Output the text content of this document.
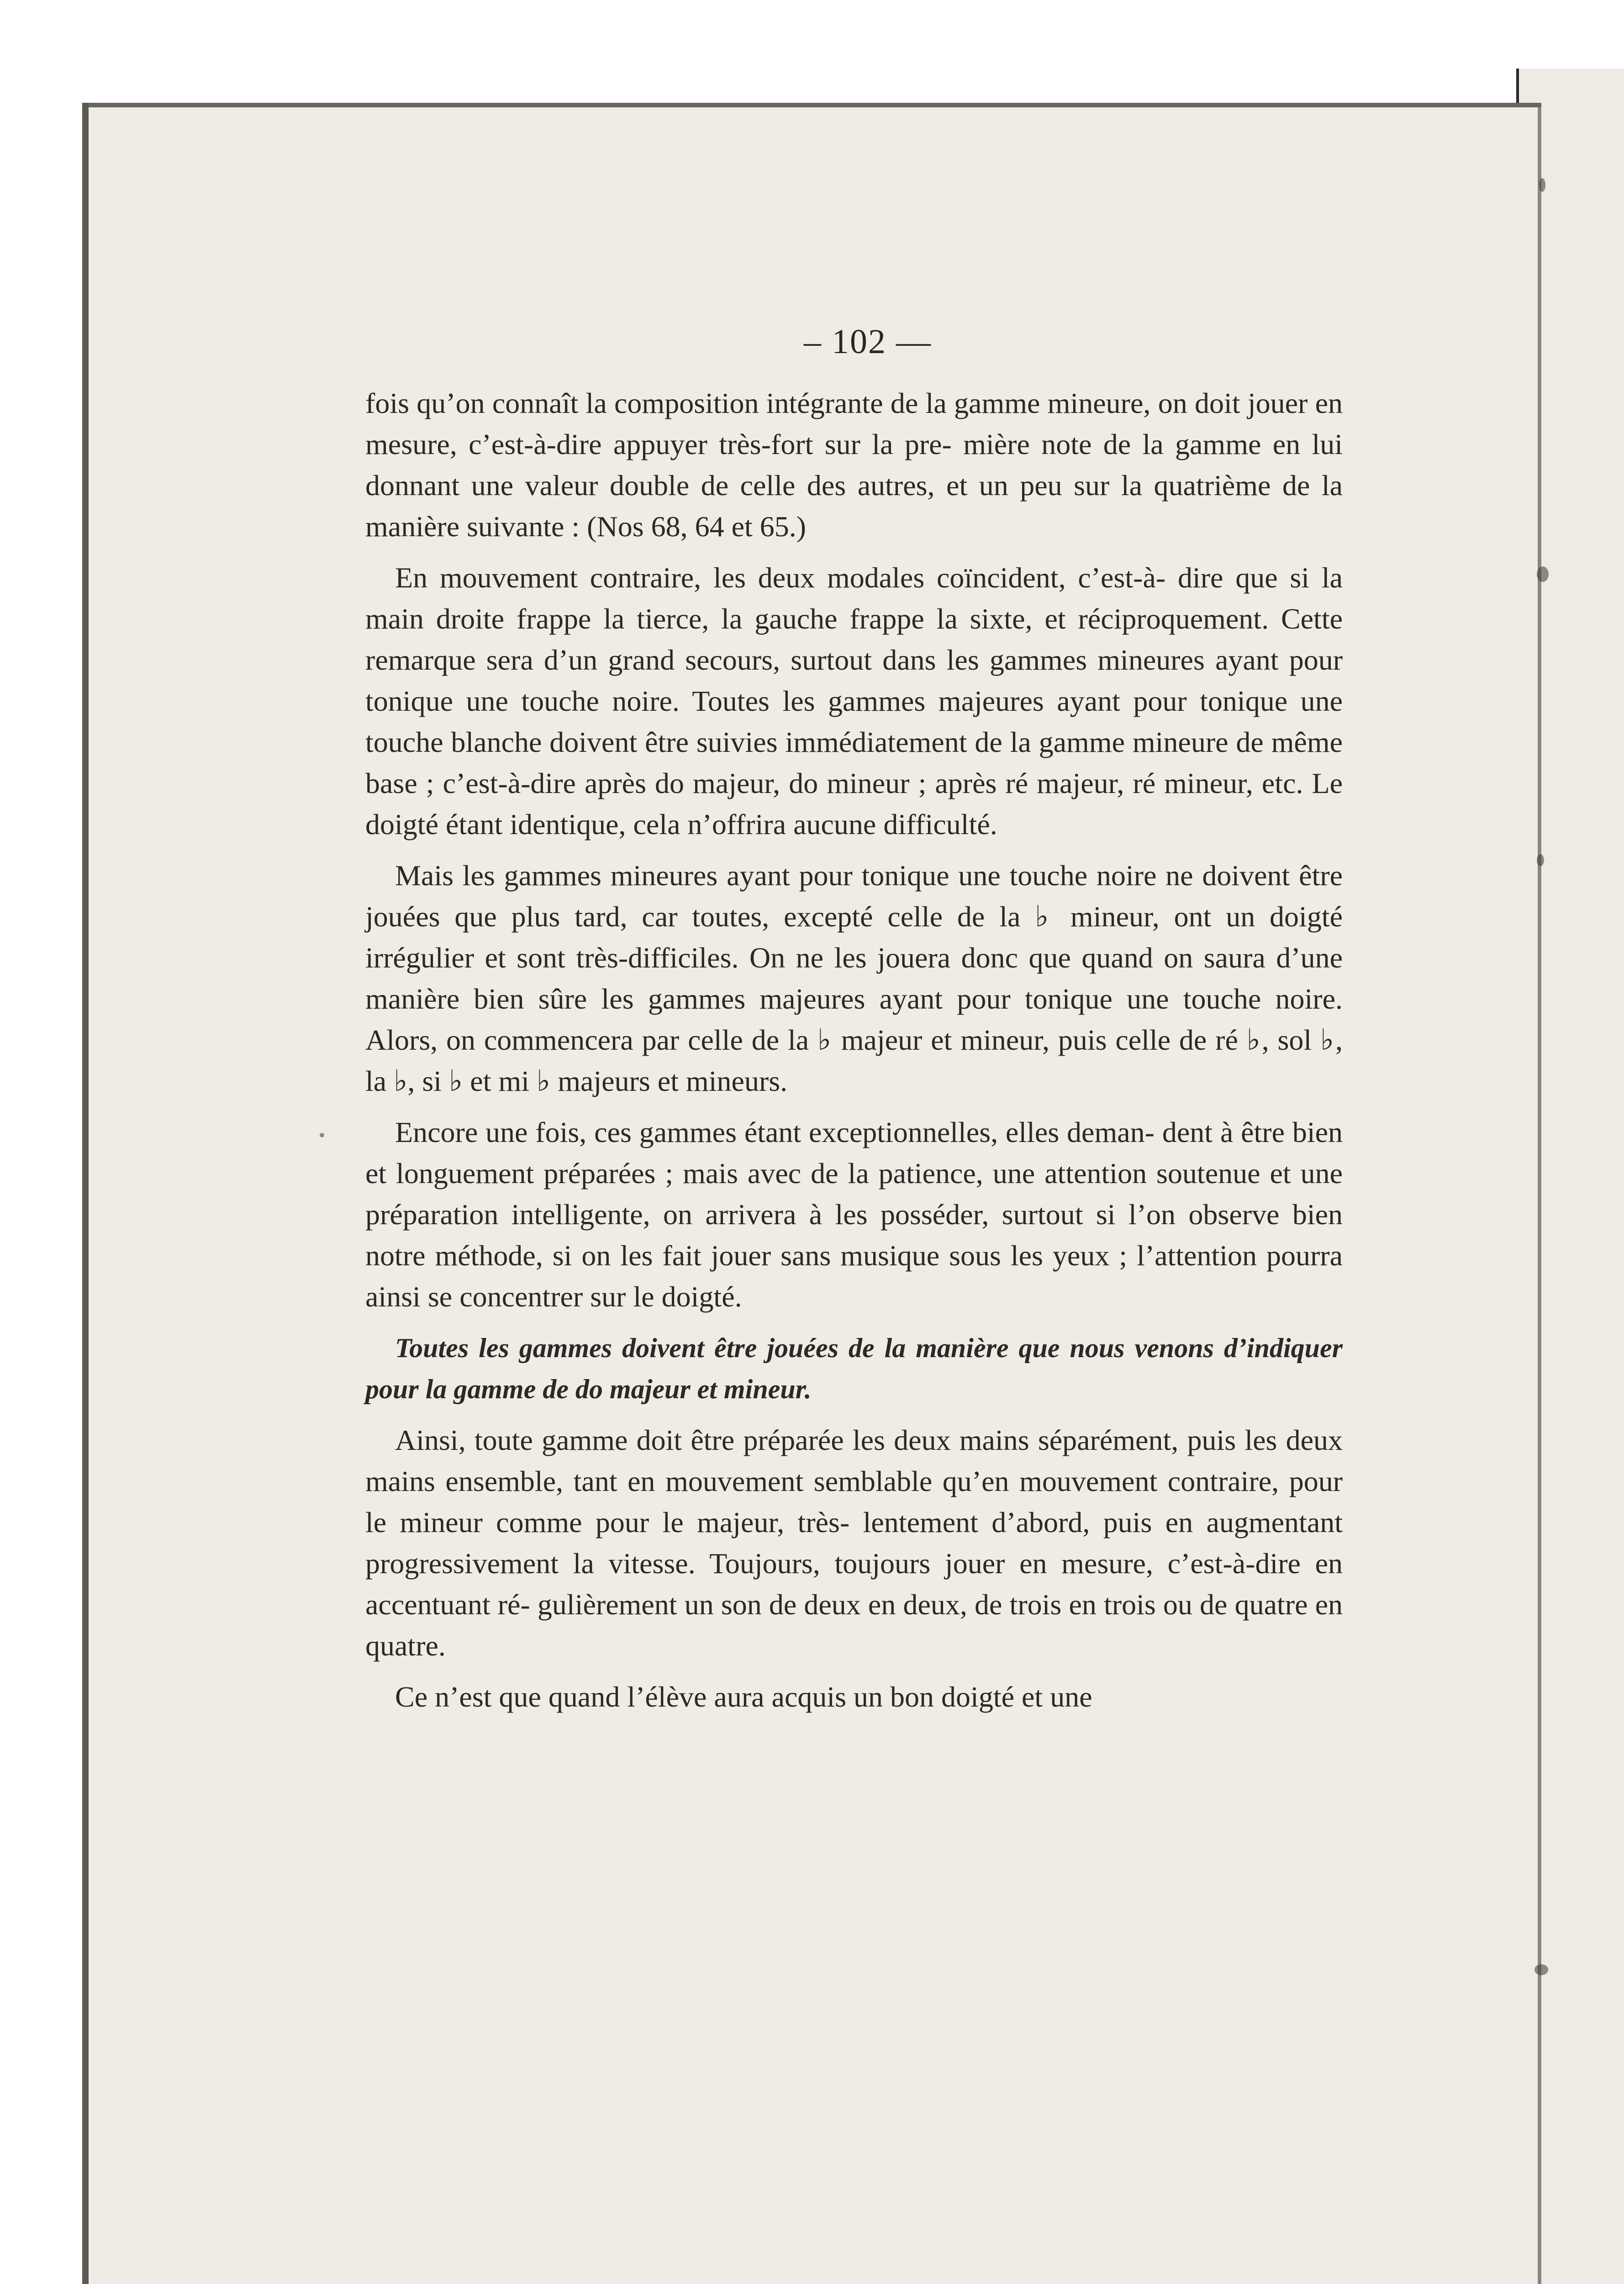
– 102 —

fois qu’on connaît la composition intégrante de la gamme mineure, on doit jouer en mesure, c’est-à-dire appuyer très-fort sur la pre- mière note de la gamme en lui donnant une valeur double de celle des autres, et un peu sur la quatrième de la manière suivante : (Nos 68, 64 et 65.)

En mouvement contraire, les deux modales coïncident, c’est-à- dire que si la main droite frappe la tierce, la gauche frappe la sixte, et réciproquement. Cette remarque sera d’un grand secours, surtout dans les gammes mineures ayant pour tonique une touche noire. Toutes les gammes majeures ayant pour tonique une touche blanche doivent être suivies immédiatement de la gamme mineure de même base ; c’est-à-dire après do majeur, do mineur ; après ré majeur, ré mineur, etc. Le doigté étant identique, cela n’offrira aucune difficulté.

Mais les gammes mineures ayant pour tonique une touche noire ne doivent être jouées que plus tard, car toutes, excepté celle de la ♭ mineur, ont un doigté irrégulier et sont très-difficiles. On ne les jouera donc que quand on saura d’une manière bien sûre les gammes majeures ayant pour tonique une touche noire. Alors, on commencera par celle de la ♭ majeur et mineur, puis celle de ré ♭, sol ♭, la ♭, si ♭ et mi ♭ majeurs et mineurs.

Encore une fois, ces gammes étant exceptionnelles, elles deman- dent à être bien et longuement préparées ; mais avec de la patience, une attention soutenue et une préparation intelligente, on arrivera à les posséder, surtout si l’on observe bien notre méthode, si on les fait jouer sans musique sous les yeux ; l’attention pourra ainsi se concentrer sur le doigté.

Toutes les gammes doivent être jouées de la manière que nous venons d’indiquer pour la gamme de do majeur et mineur.

Ainsi, toute gamme doit être préparée les deux mains séparément, puis les deux mains ensemble, tant en mouvement semblable qu’en mouvement contraire, pour le mineur comme pour le majeur, très- lentement d’abord, puis en augmentant progressivement la vitesse. Toujours, toujours jouer en mesure, c’est-à-dire en accentuant ré- gulièrement un son de deux en deux, de trois en trois ou de quatre en quatre.

Ce n’est que quand l’élève aura acquis un bon doigté et une
